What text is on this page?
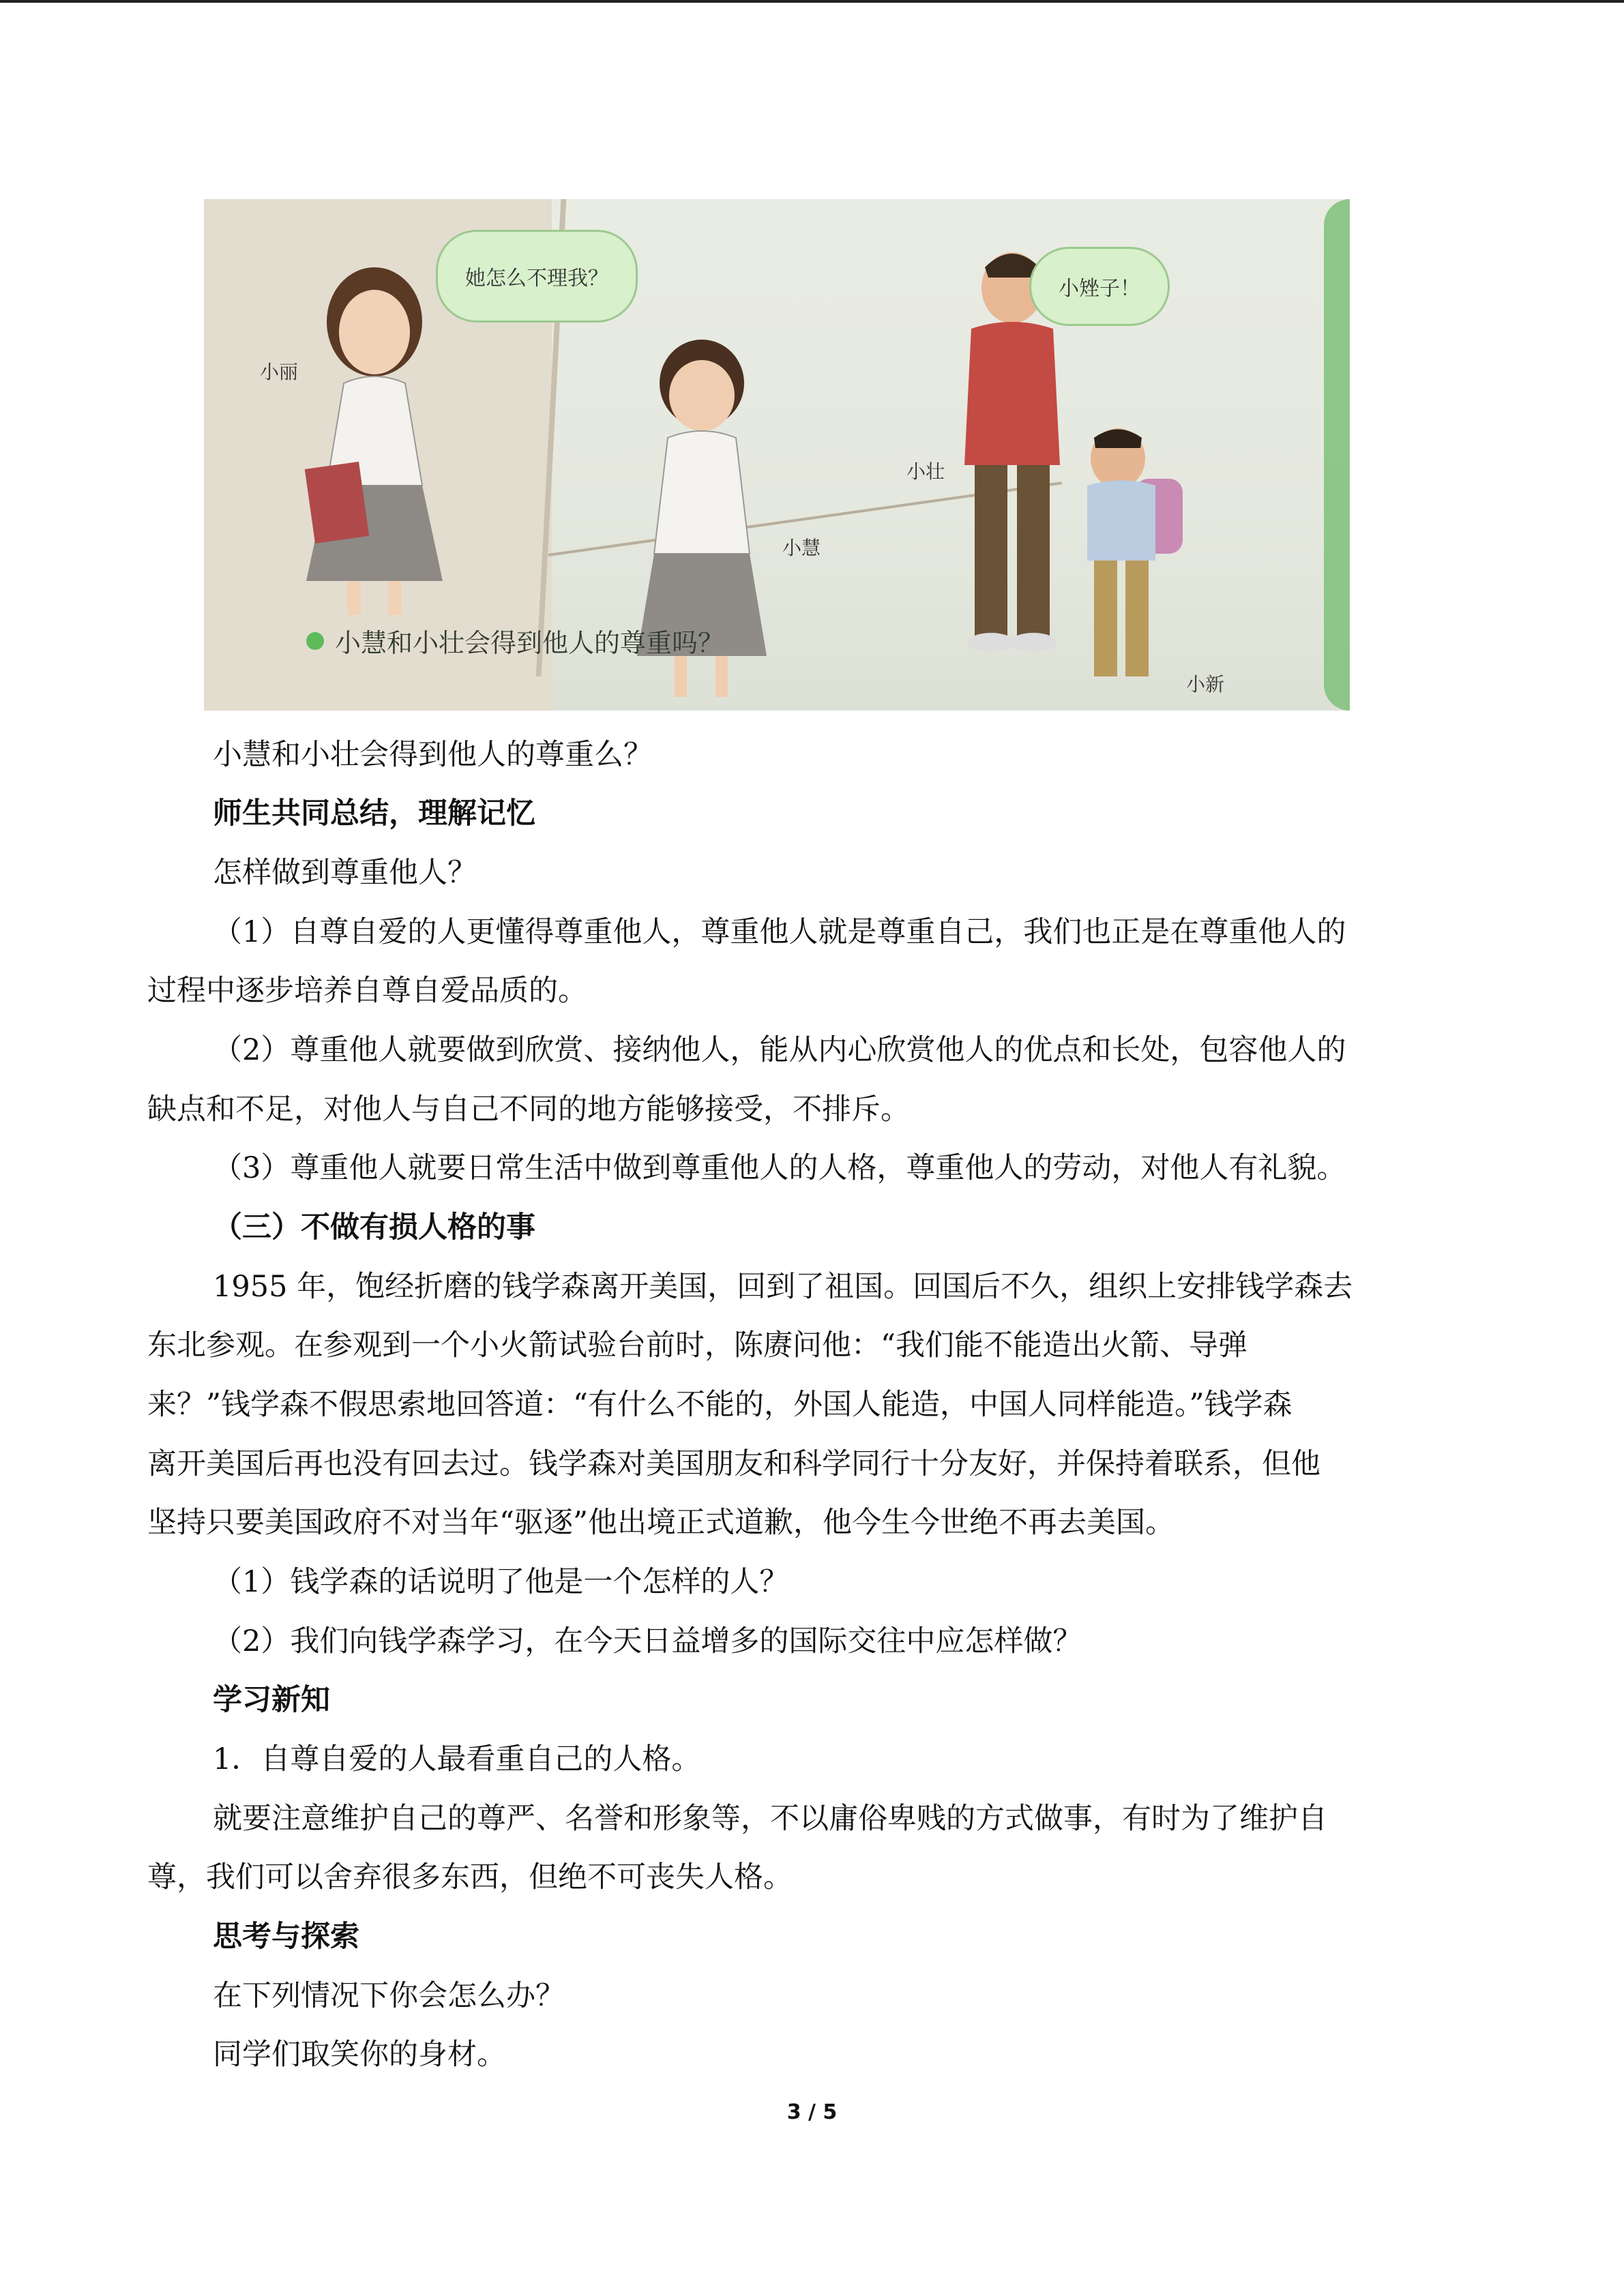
她怎么不理我？	小矬子！
小丽
小慧
小壮
小新
小慧和小壮会得到他人的尊重吗？
小慧和小壮会得到他人的尊重么？
师生共同总结，理解记忆
怎样做到尊重他人？
（1）自尊自爱的人更懂得尊重他人，尊重他人就是尊重自己，我们也正是在尊重他人的
过程中逐步培养自尊自爱品质的。
（2）尊重他人就要做到欣赏、接纳他人，能从内心欣赏他人的优点和长处，包容他人的
缺点和不足，对他人与自己不同的地方能够接受，不排斥。
（3）尊重他人就要日常生活中做到尊重他人的人格，尊重他人的劳动，对他人有礼貌。
（三）不做有损人格的事
1955 年，饱经折磨的钱学森离开美国，回到了祖国。回国后不久，组织上安排钱学森去
东北参观。在参观到一个小火箭试验台前时，陈赓问他：“我们能不能造出火箭、导弹
来？”钱学森不假思索地回答道：“有什么不能的，外国人能造，中国人同样能造。”钱学森
离开美国后再也没有回去过。钱学森对美国朋友和科学同行十分友好，并保持着联系，但他
坚持只要美国政府不对当年“驱逐”他出境正式道歉，他今生今世绝不再去美国。
（1）钱学森的话说明了他是一个怎样的人？
（2）我们向钱学森学习，在今天日益增多的国际交往中应怎样做？
学习新知
1．自尊自爱的人最看重自己的人格。
就要注意维护自己的尊严、名誉和形象等，不以庸俗卑贱的方式做事，有时为了维护自
尊，我们可以舍弃很多东西，但绝不可丧失人格。
思考与探索
在下列情况下你会怎么办？
同学们取笑你的身材。
3 / 5
